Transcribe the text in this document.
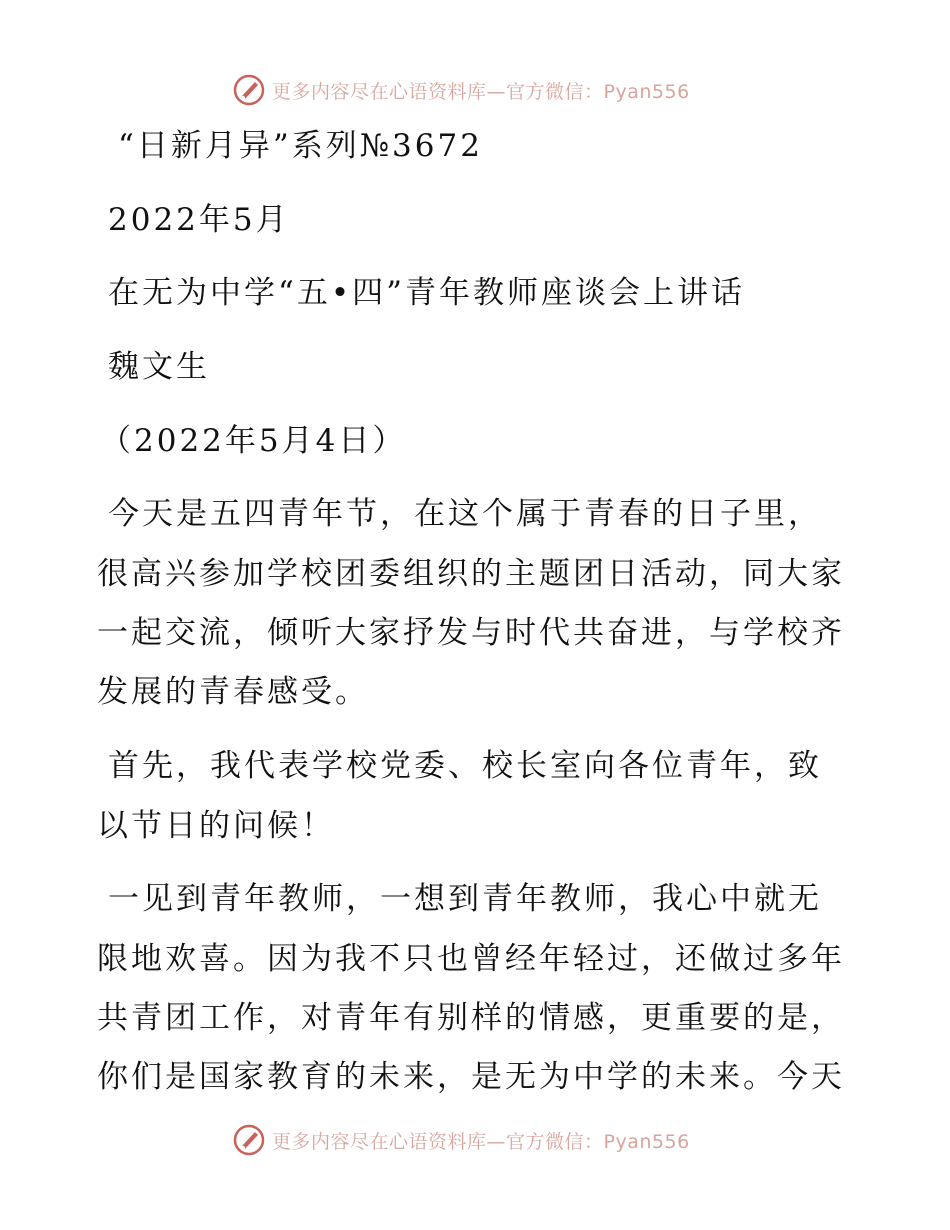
更多内容尽在心语资料库—官方微信：Pyan556
“日新月异”系列№3672
2022年5月
在无为中学“五•四”青年教师座谈会上讲话
魏文生
（2022年5月4日）

今天是五四青年节，在这个属于青春的日子里，

很高兴参加学校团委组织的主题团日活动，同大家

一起交流，倾听大家抒发与时代共奋进，与学校齐

发展的青春感受。

首先，我代表学校党委、校长室向各位青年，致

以节日的问候！

一见到青年教师，一想到青年教师，我心中就无

限地欢喜。因为我不只也曾经年轻过，还做过多年

共青团工作，对青年有别样的情感，更重要的是，

你们是国家教育的未来，是无为中学的未来。今天

更多内容尽在心语资料库—官方微信：Pyan556
